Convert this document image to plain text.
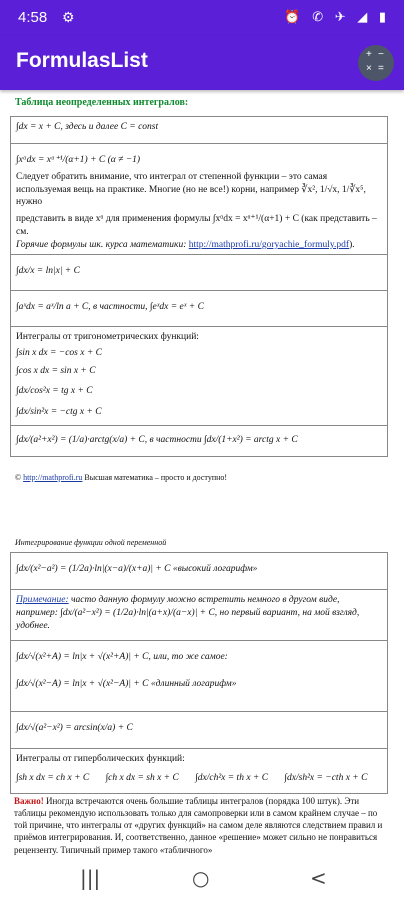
4:58 ⚙	⏰ ✆ ✈ ◢ ▮
FormulasList	+ −
× =
Таблица неопределенных интегралов:
∫dx = x + C, здесь и далее C = const
∫xᵅdx = xᵅ⁺¹/(α+1) + C (α ≠ −1)
Следует обратить внимание, что интеграл от степенной функции – это самая используемая вещь на практике. Многие (но не все!) корни, например ∛x², 1/√x, 1/∛x⁵, нужно
представить в виде xᵅ для применения формулы ∫xᵅdx = xᵅ⁺¹/(α+1) + C (как представить – см.
Горячие формулы шк. курса математики: http://mathprofi.ru/goryachie_formuly.pdf).
∫dx/x = ln|x| + C
∫aˣdx = aˣ/ln a + C, в частности, ∫eˣdx = eˣ + C
Интегралы от тригонометрических функций:
∫sin x dx = −cos x + C
∫cos x dx = sin x + C
∫dx/cos²x = tg x + C
∫dx/sin²x = −ctg x + C
∫dx/(a²+x²) = (1/a)·arctg(x/a) + C, в частности ∫dx/(1+x²) = arctg x + C
© http://mathprofi.ru Высшая математика – просто и доступно!
Интегрирование функции одной переменной
∫dx/(x²−a²) = (1/2a)·ln|(x−a)/(x+a)| + C «высокий логарифм»
Примечание: часто данную формулу можно встретить немного в другом виде, например: ∫dx/(a²−x²) = (1/2a)·ln|(a+x)/(a−x)| + C, но первый вариант, на мой взгляд, удобнее.
∫dx/√(x²+A) = ln|x + √(x²+A)| + C, или, то же самое:
∫dx/√(x²−A) = ln|x + √(x²−A)| + C «длинный логарифм»
∫dx/√(a²−x²) = arcsin(x/a) + C
Интегралы от гиперболических функций:
∫sh x dx = ch x + C ∫ch x dx = sh x + C ∫dx/ch²x = th x + C ∫dx/sh²x = −cth x + C
Важно! Иногда встречаются очень большие таблицы интегралов (порядка 100 штук). Эти таблицы рекомендую использовать только для самопроверки или в самом крайнем случае – по той причине, что интегралы от «других функций» на самом деле являются следствием правил и приёмов интегрирования. И, соответственно, данное «решение» может сильно не понравиться рецензенту. Типичный пример такого «табличного»
|||	○	<
